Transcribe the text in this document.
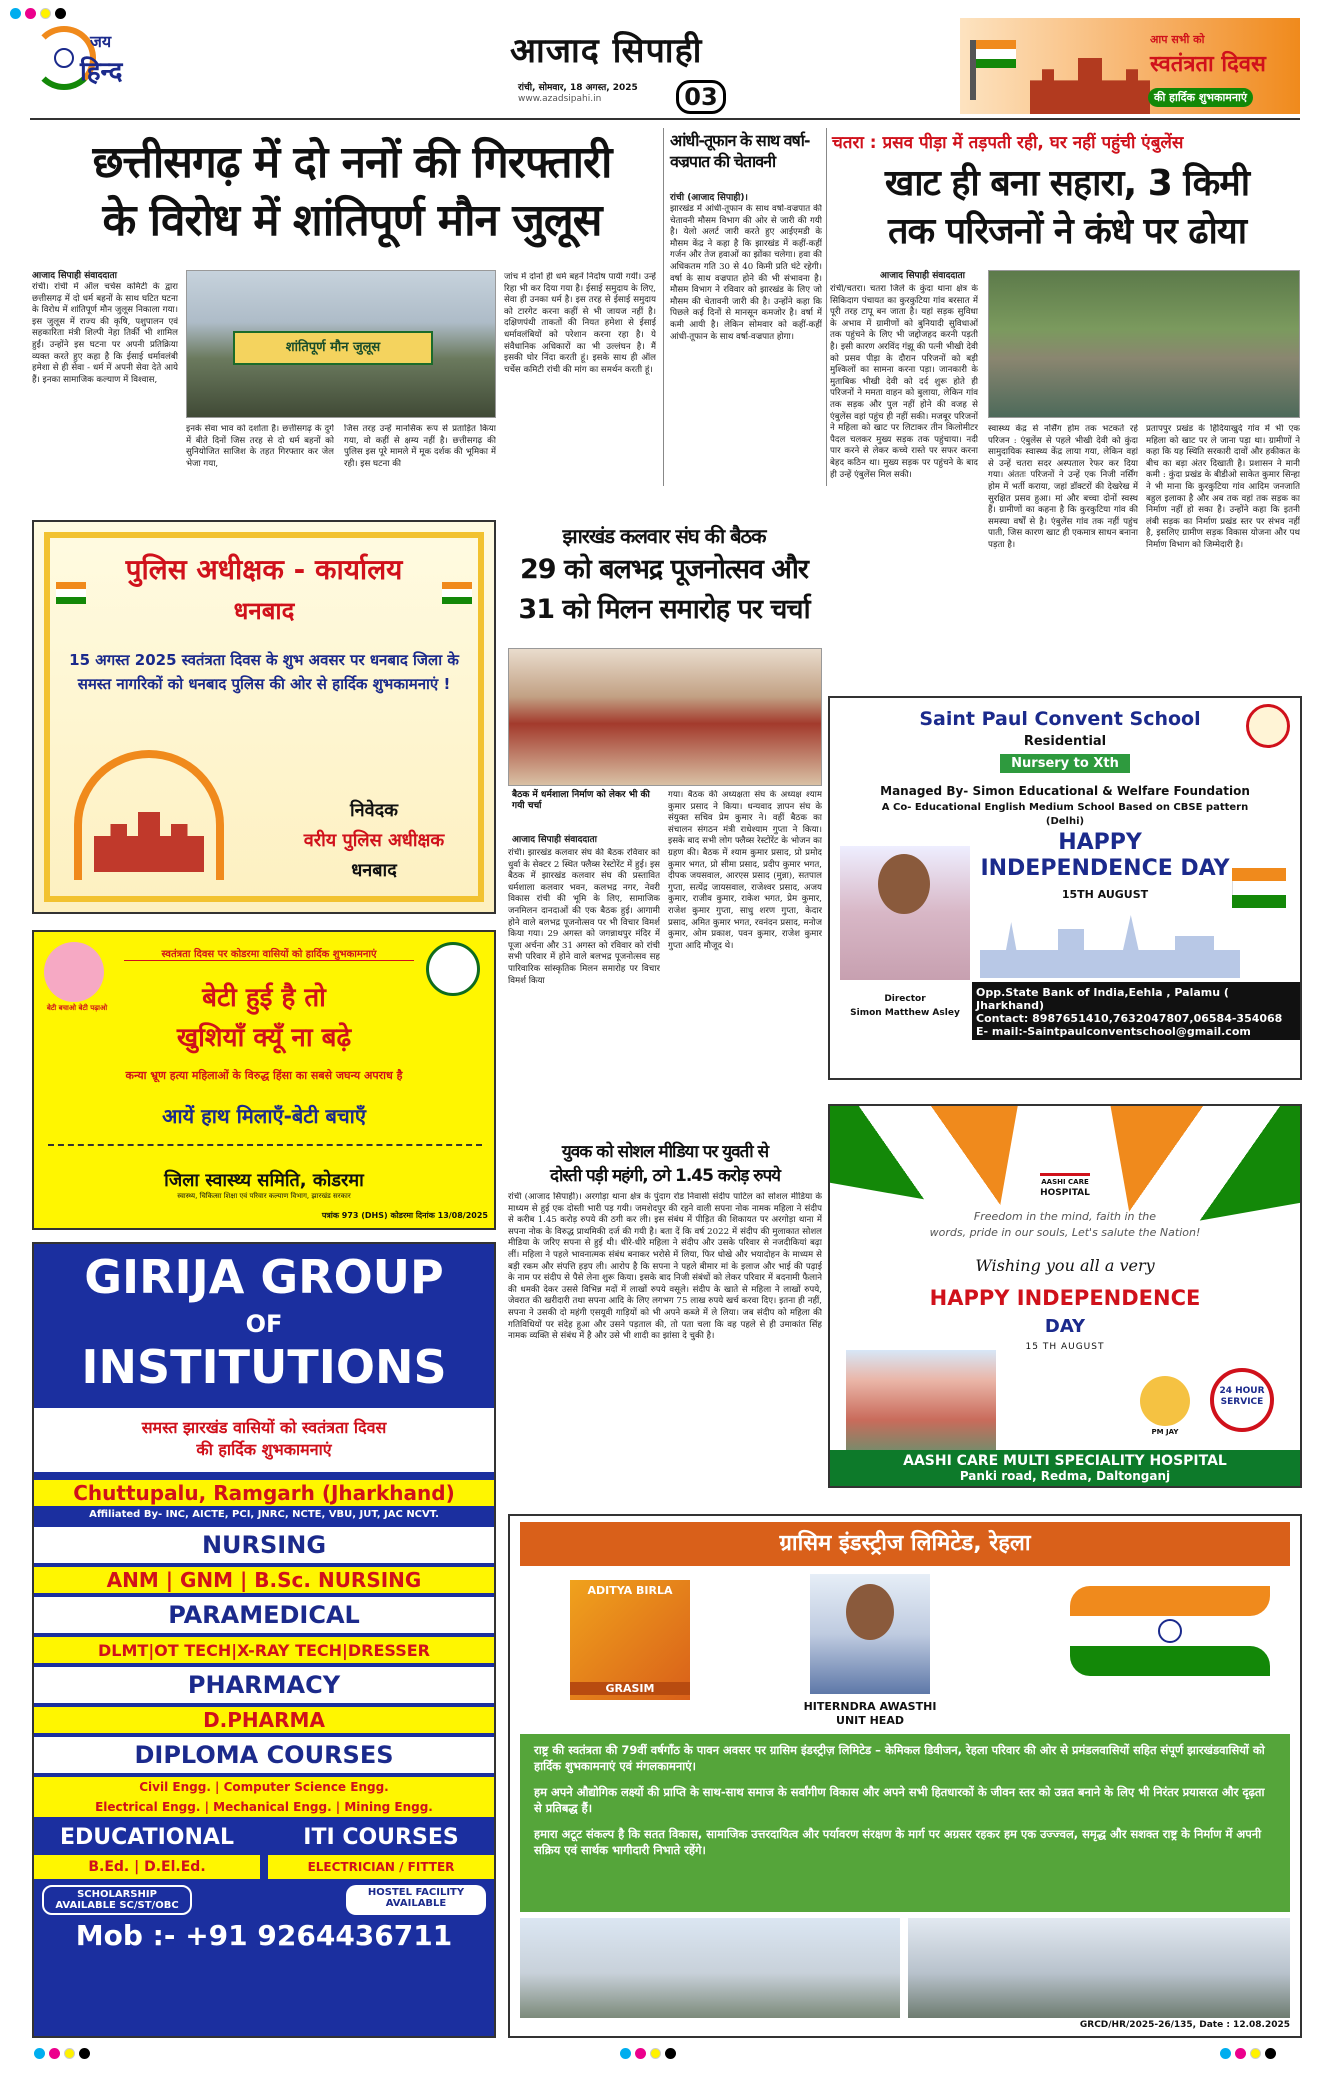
जय
हिन्द
आजाद सिपाही
रांची, सोमवार, 18 अगस्त, 2025
www.azadsipahi.in	03
आप सभी को
स्वतंत्रता दिवस
की हार्दिक शुभकामनाएं
छत्तीसगढ़ में दो ननों की गिरफ्तारी
के विरोध में शांतिपूर्ण मौन जुलूस
आजाद सिपाही संवाददाता
रांची। रांची में ऑल चर्चेस कमिटी के द्वारा छत्तीसगढ़ में दो धर्म बहनों के साथ घटित घटना के विरोध में शांतिपूर्ण मौन जुलूस निकाला गया। इस जुलूस में राज्य की कृषि, पशुपालन एवं सहकारिता मंत्री शिल्पी नेहा तिर्की भी शामिल हुईं। उन्होंने इस घटना पर अपनी प्रतिक्रिया व्यक्त करते हुए कहा है कि ईसाई धर्मावलंबी हमेशा से ही सेवा - धर्म में अपनी सेवा देते आये हैं। इनका सामाजिक कल्याण में विश्वास,
शांतिपूर्ण मौन जुलूस
इनके सेवा भाव को दर्शाता है। छत्तीसगढ़ के दुर्ग में बीते दिनों जिस तरह से दो धर्म बहनों को सुनियोजित साजिश के तहत गिरफ्तार कर जेल भेजा गया,
जिस तरह उन्हें मानसिक रूप से प्रताड़ित किया गया, वो कहीं से क्षम्य नहीं है। छत्तीसगढ़ की पुलिस इस पूरे मामले में मूक दर्शक की भूमिका में रही। इस घटना की
जांच में दोनों ही धर्म बहनें निर्दोष पायी गयीं। उन्हें रिहा भी कर दिया गया है। ईसाई समुदाय के लिए, सेवा ही उनका धर्म है। इस तरह से ईसाई समुदाय को टारगेट करना कहीं से भी जायज नहीं है। दक्षिणपंथी ताकतों की नियत हमेशा से ईसाई धर्मावलंबियों को परेशान करना रहा है। ये संवैधानिक अधिकारों का भी उल्लंघन है। मैं इसकी घोर निंदा करती हूं। इसके साथ ही ऑल चर्चेस कमिटी रांची की मांग का समर्थन करती हूं।
आंधी-तूफान के साथ वर्षा-वज्रपात की चेतावनी
रांची (आजाद सिपाही)।
झारखंड में आंधी-तूफान के साथ वर्षा-वज्रपात की चेतावनी मौसम विभाग की ओर से जारी की गयी है। येलो अलर्ट जारी करते हुए आईएमडी के मौसम केंद्र ने कहा है कि झारखंड में कहीं-कहीं गर्जन और तेज हवाओं का झोंका चलेगा। हवा की अधिकतम गति 30 से 40 किमी प्रति घंटे रहेगी। वर्षा के साथ वज्रपात होने की भी संभावना है। मौसम विभाग ने रविवार को झारखंड के लिए जो मौसम की चेतावनी जारी की है। उन्होंने कहा कि पिछले कई दिनों से मानसून कमजोर है। वर्षा में कमी आयी है। लेकिन सोमवार को कहीं-कहीं आंधी-तूफान के साथ वर्षा-वज्रपात होगा।
चतरा : प्रसव पीड़ा में तड़पती रही, घर नहीं पहुंची एंबुलेंस
खाट ही बना सहारा, 3 किमी
तक परिजनों ने कंधे पर ढोया
आजाद सिपाही संवाददाता
रांची/चतरा। चतरा जिले के कुंदा थाना क्षेत्र के सिकिदाग पंचायत का कुरकुटिया गांव बरसात में पूरी तरह टापू बन जाता है। यहां सड़क सुविधा के अभाव में ग्रामीणों को बुनियादी सुविधाओं तक पहुंचने के लिए भी जद्दोजहद करनी पड़ती है। इसी कारण अरविंद गंझू की पत्नी भीखी देवी को प्रसव पीड़ा के दौरान परिजनों को बड़ी मुश्किलों का सामना करना पड़ा। जानकारी के मुताबिक भीखी देवी को दर्द शुरू होते ही परिजनों ने ममता वाहन को बुलाया, लेकिन गांव तक सड़क और पुल नहीं होने की वजह से एंबुलेंस वहां पहुंच ही नहीं सकी। मजबूर परिजनों ने महिला को खाट पर लिटाकर तीन किलोमीटर पैदल चलकर मुख्य सड़क तक पहुंचाया। नदी पार करने से लेकर कच्चे रास्ते पर सफर करना बेहद कठिन था। मुख्य सड़क पर पहुंचने के बाद ही उन्हें एंबुलेंस मिल सकी।
स्वास्थ्य केंद्र से नर्सिंग होम तक भटकते रहे परिजन : एंबुलेंस से पहले भीखी देवी को कुंदा सामुदायिक स्वास्थ्य केंद्र लाया गया, लेकिन वहां से उन्हें चतरा सदर अस्पताल रेफर कर दिया गया। अंततः परिजनों ने उन्हें एक निजी नर्सिंग होम में भर्ती कराया, जहां डॉक्टरों की देखरेख में सुरक्षित प्रसव हुआ। मां और बच्चा दोनों स्वस्थ हैं। ग्रामीणों का कहना है कि कुरकुटिया गांव की समस्या वर्षों से है। एंबुलेंस गांव तक नहीं पहुंच पाती, जिस कारण खाट ही एकमात्र साधन बनाना पड़ता है।
प्रतापपुर प्रखंड के हिंदियाखुर्द गांव में भी एक महिला को खाट पर ले जाना पड़ा था। ग्रामीणों ने कहा कि यह स्थिति सरकारी दावों और हकीकत के बीच का बड़ा अंतर दिखाती है। प्रशासन ने मानी कमी : कुंदा प्रखंड के बीडीओ साकेत कुमार सिन्हा ने भी माना कि कुरकुटिया गांव आदिम जनजाति बहुल इलाका है और अब तक वहां तक सड़क का निर्माण नहीं हो सका है। उन्होंने कहा कि इतनी लंबी सड़क का निर्माण प्रखंड स्तर पर संभव नहीं है, इसलिए ग्रामीण सड़क विकास योजना और पथ निर्माण विभाग को जिम्मेदारी है।
पुलिस अधीक्षक - कार्यालय
धनबाद
15 अगस्त 2025 स्वतंत्रता दिवस के शुभ अवसर पर धनबाद जिला के समस्त नागरिकों को धनबाद पुलिस की ओर से हार्दिक शुभकामनाएं !
निवेदक
वरीय पुलिस अधीक्षक
धनबाद
झारखंड कलवार संघ की बैठक
29 को बलभद्र पूजनोत्सव और
31 को मिलन समारोह पर चर्चा
बैठक में धर्मशाला निर्माण को लेकर भी की गयी चर्चा
आजाद सिपाही संवाददाता
रांची। झारखंड कलवार संघ की बैठक रविवार को धुर्वा के सेक्टर 2 स्थित फ्लैव्स रेस्टोरेंट में हुई। इस बैठक में झारखंड कलवार संघ की प्रस्तावित धर्मशाला कलवार भवन, कलभद्र नगर, नेवरी विकास रांची की भूमि के लिए, सामाजिक जनमिलन दानदाओं की एक बैठक हुई। आगामी होने वाले बलभद्र पूजनोत्सव पर भी विचार विमर्श किया गया। 29 अगस्त को जगन्नाथपुर मंदिर में पूजा अर्चना और 31 अगस्त को रविवार को रांची सभी परिवार में होने वाले बलभद्र पूजनोत्सव सह पारिवारिक सांस्कृतिक मिलन समारोह पर विचार विमर्श किया
गया। बैठक की अध्यक्षता संघ के अध्यक्ष श्याम कुमार प्रसाद ने किया। धन्यवाद ज्ञापन संघ के संयुक्त सचिव प्रेम कुमार ने। वहीं बैठक का संचालन संगठन मंत्री राधेश्याम गुप्ता ने किया। इसके बाद सभी लोग फ्लैव्स रेस्टोरेंट के भोजन का ग्रहण की। बैठक में श्याम कुमार प्रसाद, प्रो प्रमोद कुमार भगत, प्रो सीमा प्रसाद, प्रदीप कुमार भगत, दीपक जयसवाल, आरएस प्रसाद (मुन्ना), सतपाल गुप्ता, सत्येंद्र जायसवाल, राजेश्वर प्रसाद, अजय कुमार, राजीव कुमार, राकेश भगत, प्रेम कुमार, राजेश कुमार गुप्ता, साधु शरण गुप्ता, केदार प्रसाद, अमित कुमार भगत, रवनंदन प्रसाद, मनोज कुमार, ओम प्रकाश, पवन कुमार, राजेश कुमार गुप्ता आदि मौजूद थे।
Saint Paul Convent School
Residential
Nursery to Xth
Managed By- Simon Educational & Welfare Foundation
A Co- Educational English Medium School Based on CBSE pattern
(Delhi)
HAPPY
INDEPENDENCE DAY
15TH AUGUST
Director
Simon Matthew Asley
Opp.State Bank of India,Eehla , Palamu ( Jharkhand)
Contact: 8987651410,7632047807,06584-354068
E- mail:-Saintpaulconventschool@gmail.com
बेटी बचाओ बेटी पढ़ाओ
स्वतंत्रता दिवस पर कोडरमा वासियों को हार्दिक शुभकामनाएं
बेटी हुई है तो
खुशियाँ क्यूँ ना बढ़े
कन्या भ्रूण हत्या महिलाओं के विरुद्ध हिंसा का सबसे जघन्य अपराध है
आयें हाथ मिलाएँ-बेटी बचाएँ
जिला स्वास्थ्य समिति, कोडरमा
स्वास्थ्य, चिकित्सा शिक्षा एवं परिवार कल्याण विभाग, झारखंड सरकार
पत्रांक 973 (DHS) कोडरमा दिनांक 13/08/2025
युवक को सोशल मीडिया पर युवती से
दोस्ती पड़ी महंगी, ठगे 1.45 करोड़ रुपये
रांची (आजाद सिपाही)। अरगोड़ा थाना क्षेत्र के पुंदाग रोड निवासी संदीप पाटिल को सोशल मीडिया के माध्यम से हुई एक दोस्ती भारी पड़ गयी। जमशेदपुर की रहने वाली सपना नोक नामक महिला ने संदीप से करीब 1.45 करोड़ रुपये की ठगी कर ली। इस संबंध में पीड़ित की शिकायत पर अरगोड़ा थाना में सपना नोक के विरुद्ध प्राथमिकी दर्ज की गयी है। बता दें कि वर्ष 2022 में संदीप की मुलाकात सोशल मीडिया के जरिए सपना से हुई थी। धीरे-धीरे महिला ने संदीप और उसके परिवार से नजदीकियां बढ़ा लीं। महिला ने पहले भावनात्मक संबंध बनाकर भरोसे में लिया, फिर धोखे और भयादोहन के माध्यम से बड़ी रकम और संपत्ति हड़प ली। आरोप है कि सपना ने पहले बीमार मां के इलाज और भाई की पढ़ाई के नाम पर संदीप से पैसे लेना शुरू किया। इसके बाद निजी संबंधों को लेकर परिवार में बदनामी फैलाने की धमकी देकर उससे विभिन्न मदों में लाखों रुपये वसूले। संदीप के खाते से महिला ने लाखों रुपये, जेवरात की खरीदारी तथा सपना आदि के लिए लगभग 75 लाख रुपये खर्च करवा दिए। इतना ही नहीं, सपना ने उसकी दो महंगी एसयूवी गाड़ियों को भी अपने कब्जे में ले लिया। जब संदीप को महिला की गतिविधियों पर संदेह हुआ और उसने पड़ताल की, तो पता चला कि वह पहले से ही उमाकांत सिंह नामक व्यक्ति से संबंध में है और उसे भी शादी का झांसा दे चुकी है।
AASHI CARE
HOSPITAL
Freedom in the mind, faith in the
words, pride in our souls, Let's salute the Nation!
Wishing you all a very
HAPPY INDEPENDENCE
DAY
15 TH AUGUST
PM JAY
24 HOUR SERVICE
AASHI CARE MULTI SPECIALITY HOSPITAL
Panki road, Redma, Daltonganj
GIRIJA GROUP
OF
INSTITUTIONS
समस्त झारखंड वासियों को स्वतंत्रता दिवस
की हार्दिक शुभकामनाएं
Chuttupalu, Ramgarh (Jharkhand)
Affiliated By- INC, AICTE, PCI, JNRC, NCTE, VBU, JUT, JAC NCVT.
NURSING
ANM | GNM | B.Sc. NURSING
PARAMEDICAL
DLMT|OT TECH|X-RAY TECH|DRESSER
PHARMACY
D.PHARMA
DIPLOMA COURSES
Civil Engg. | Computer Science Engg.
Electrical Engg. | Mechanical Engg. | Mining Engg.
EDUCATIONAL	ITI COURSES
B.Ed. | D.El.Ed.	ELECTRICIAN / FITTER
SCHOLARSHIP AVAILABLE SC/ST/OBC
HOSTEL FACILITY AVAILABLE
Mob :- +91 9264436711
ग्रासिम इंडस्ट्रीज लिमिटेड, रेहला
ADITYA BIRLA
GRASIM
HITERNDRA AWASTHI
UNIT HEAD

राष्ट्र की स्वतंत्रता की 79वीं वर्षगाँठ के पावन अवसर पर ग्रासिम इंडस्ट्रीज़ लिमिटेड – केमिकल डिवीजन, रेहला परिवार की ओर से प्रमंडलवासियों सहित संपूर्ण झारखंडवासियों को हार्दिक शुभकामनाएं एवं मंगलकामनाएं।

हम अपने औद्योगिक लक्ष्यों की प्राप्ति के साथ-साथ समाज के सर्वांगीण विकास और अपने सभी हितधारकों के जीवन स्तर को उन्नत बनाने के लिए भी निरंतर प्रयासरत और दृढ़ता से प्रतिबद्ध हैं।

हमारा अटूट संकल्प है कि सतत विकास, सामाजिक उत्तरदायित्व और पर्यावरण संरक्षण के मार्ग पर अग्रसर रहकर हम एक उज्ज्वल, समृद्ध और सशक्त राष्ट्र के निर्माण में अपनी सक्रिय एवं सार्थक भागीदारी निभाते रहेंगे।

GRCD/HR/2025-26/135, Date : 12.08.2025
